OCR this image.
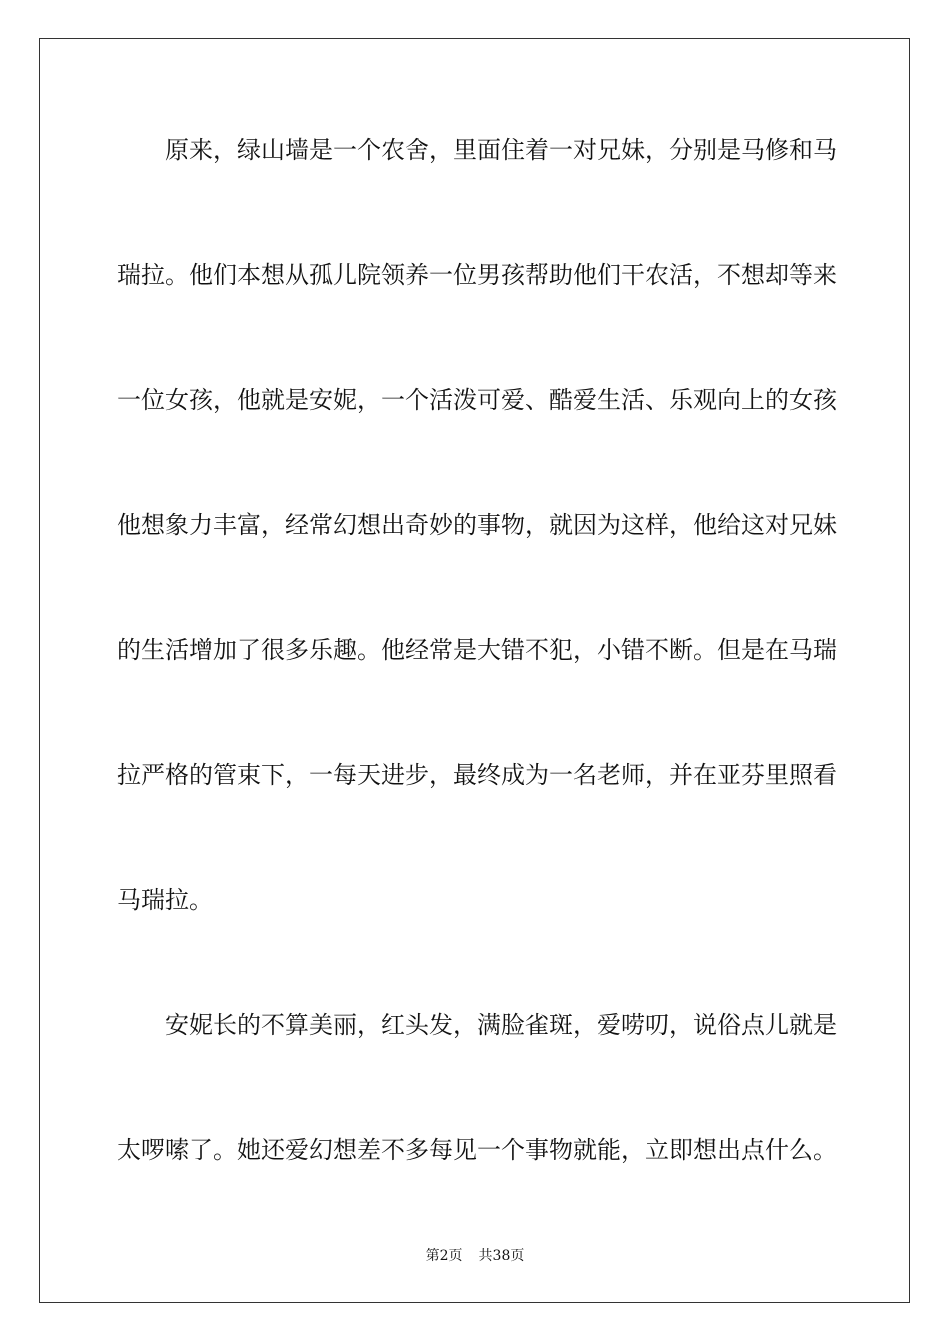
原来，绿山墙是一个农舍，里面住着一对兄妹，分别是马修和马
瑞拉。他们本想从孤儿院领养一位男孩帮助他们干农活，不想却等来
一位女孩，他就是安妮，一个活泼可爱、酷爱生活、乐观向上的女孩
他想象力丰富，经常幻想出奇妙的事物，就因为这样，他给这对兄妹
的生活增加了很多乐趣。他经常是大错不犯，小错不断。但是在马瑞
拉严格的管束下，一每天进步，最终成为一名老师，并在亚芬里照看
马瑞拉。
安妮长的不算美丽，红头发，满脸雀斑，爱唠叨，说俗点儿就是
太啰嗦了。她还爱幻想差不多每见一个事物就能，立即想出点什么。
第2页 共38页
